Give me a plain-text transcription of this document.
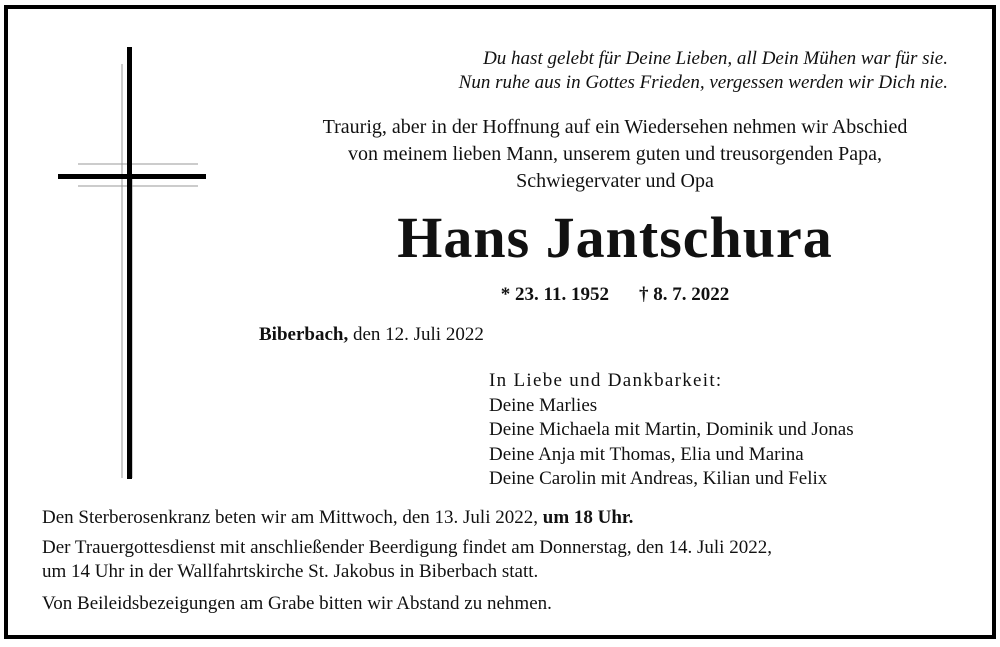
Du hast gelebt für Deine Lieben, all Dein Mühen war für sie.
Nun ruhe aus in Gottes Frieden, vergessen werden wir Dich nie.
Traurig, aber in der Hoffnung auf ein Wiedersehen nehmen wir Abschied
von meinem lieben Mann, unserem guten und treusorgenden Papa,
Schwiegervater und Opa
Hans Jantschura
* 23. 11. 1952 † 8. 7. 2022
Biberbach, den 12. Juli 2022
In Liebe und Dankbarkeit:
Deine Marlies
Deine Michaela mit Martin, Dominik und Jonas
Deine Anja mit Thomas, Elia und Marina
Deine Carolin mit Andreas, Kilian und Felix

Den Sterberosenkranz beten wir am Mittwoch, den 13. Juli 2022, um 18 Uhr.

Der Trauergottesdienst mit anschließender Beerdigung findet am Donnerstag, den 14. Juli 2022,
um 14 Uhr in der Wallfahrtskirche St. Jakobus in Biberbach statt.

Von Beileidsbezeigungen am Grabe bitten wir Abstand zu nehmen.
